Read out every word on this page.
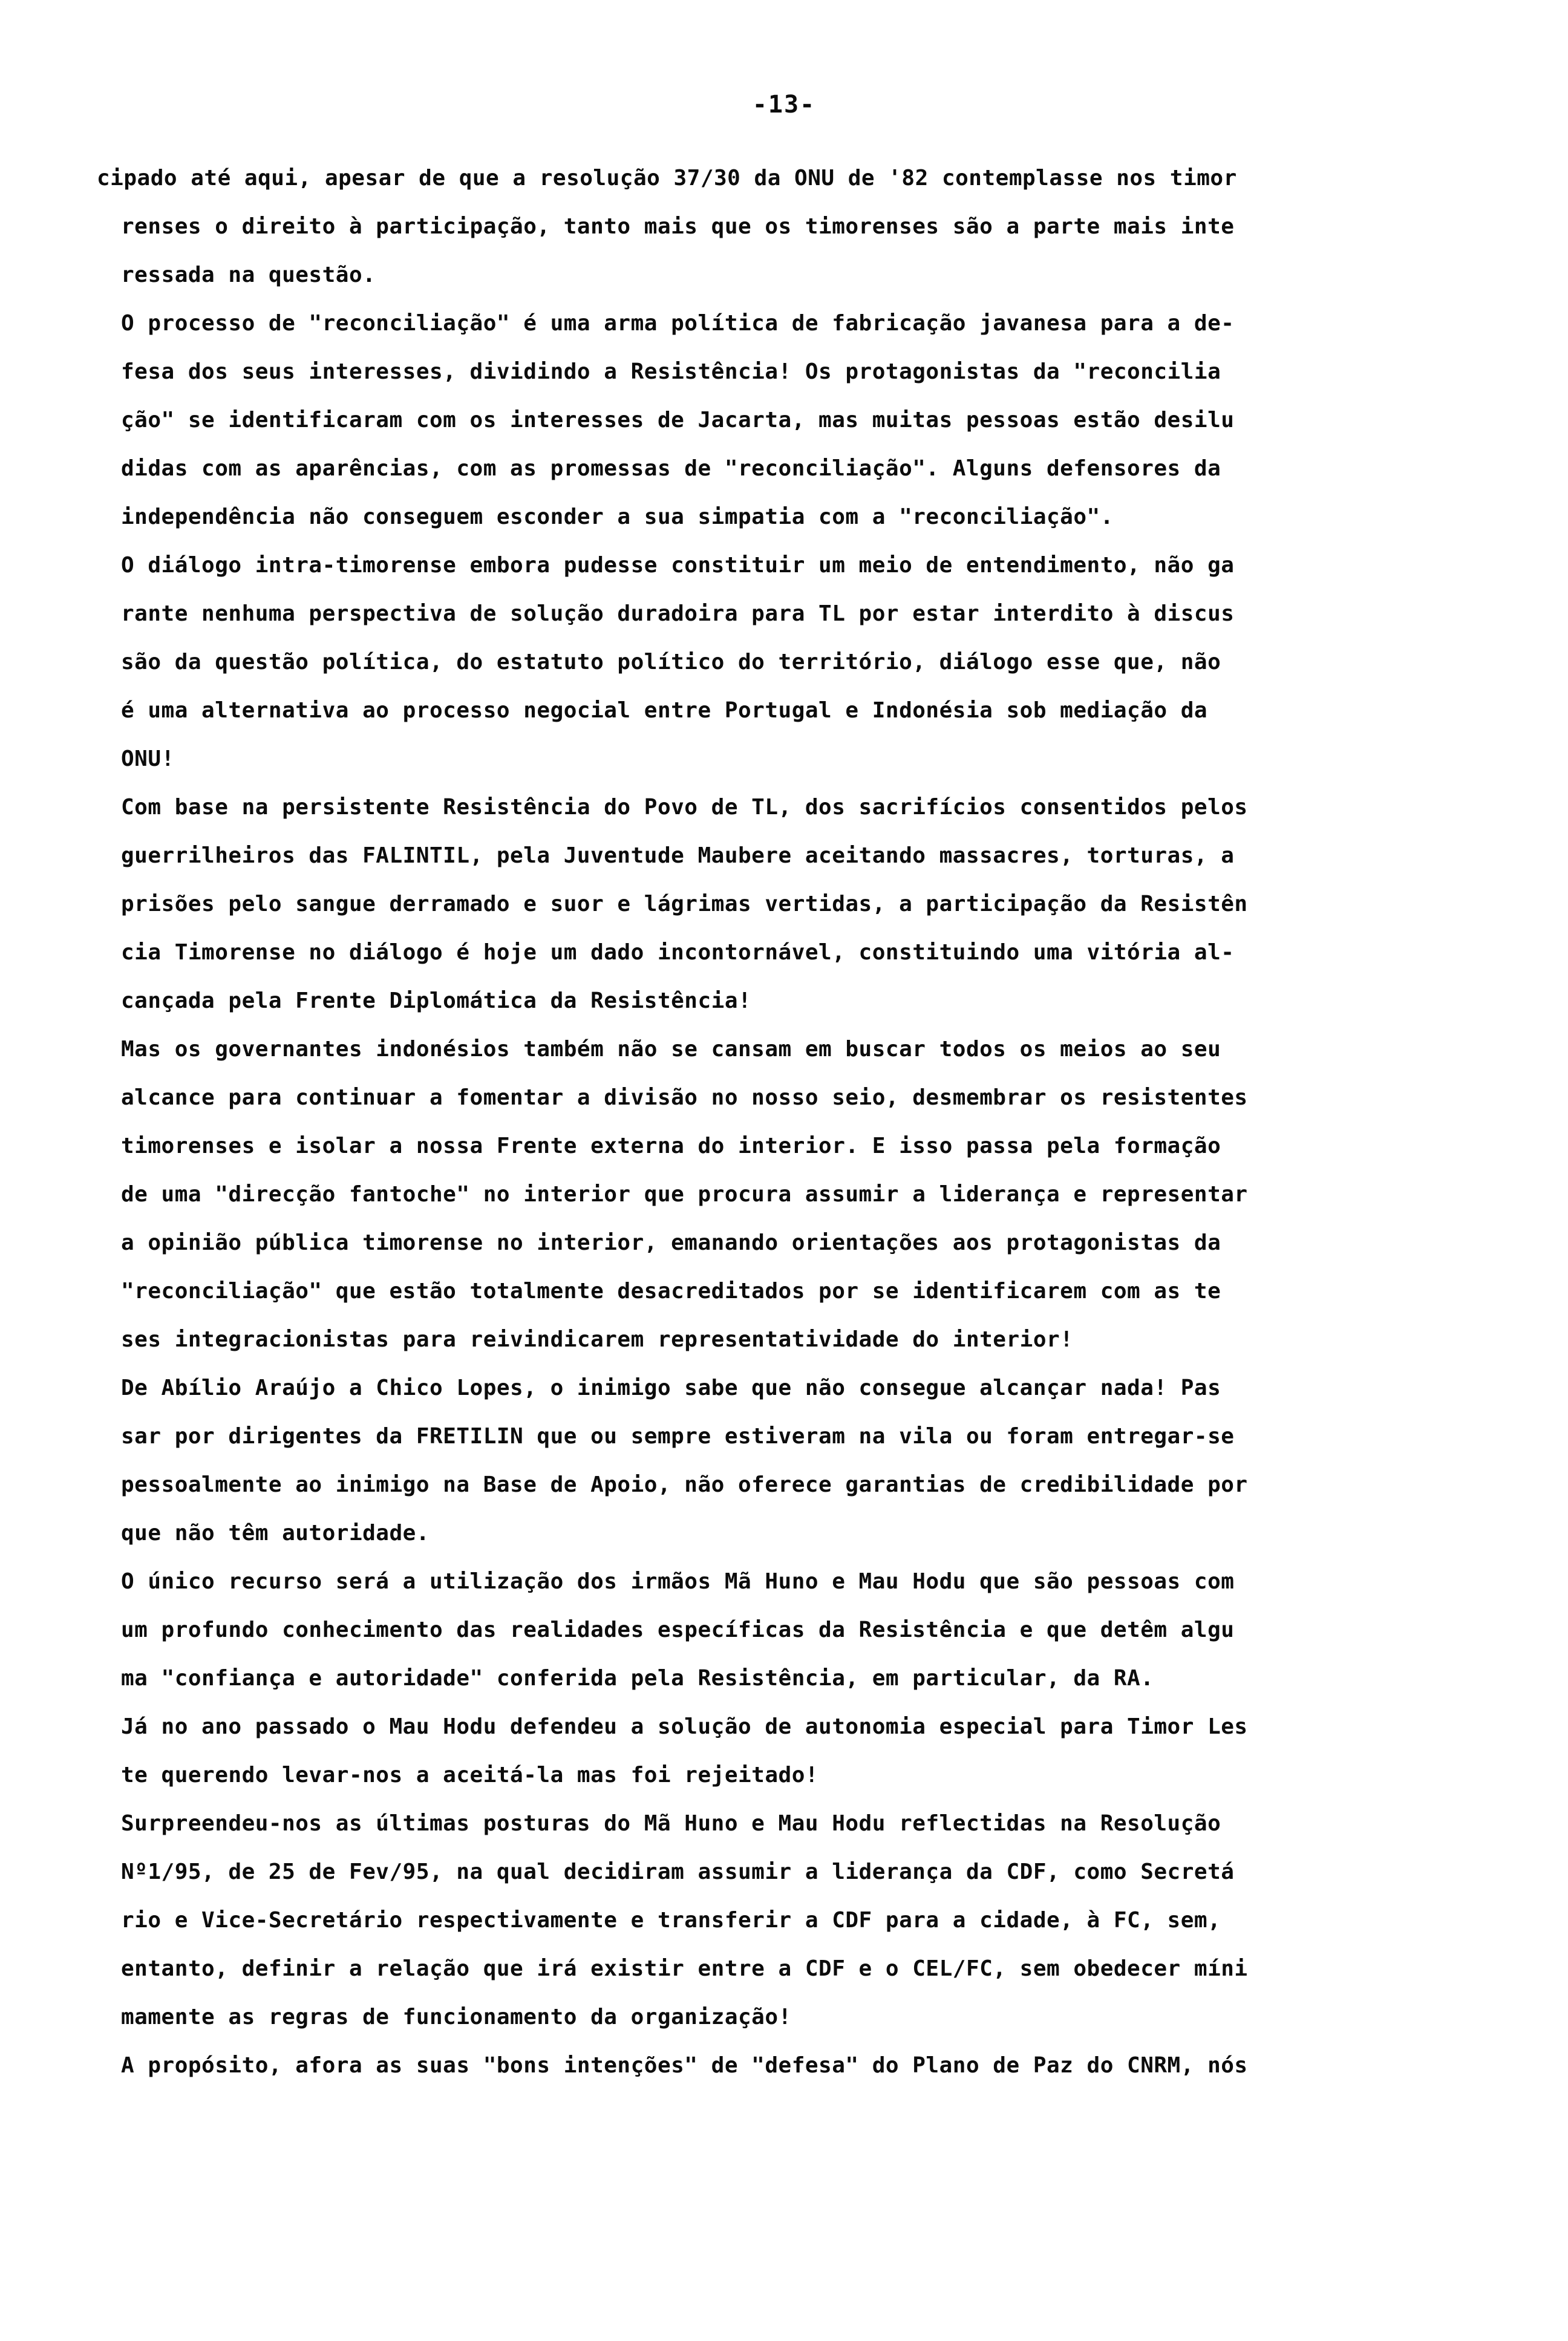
-13-
cipado até aqui, apesar de que a resolução 37/30 da ONU de '82 contemplasse nos timor
renses o direito à participação, tanto mais que os timorenses são a parte mais inte
ressada na questão.
O processo de "reconciliação" é uma arma política de fabricação javanesa para a de-
fesa dos seus interesses, dividindo a Resistência! Os protagonistas da "reconcilia
ção" se identificaram com os interesses de Jacarta, mas muitas pessoas estão desilu
didas com as aparências, com as promessas de "reconciliação". Alguns defensores da
independência não conseguem esconder a sua simpatia com a "reconciliação".
O diálogo intra-timorense embora pudesse constituir um meio de entendimento, não ga
rante nenhuma perspectiva de solução duradoira para TL por estar interdito à discus
são da questão política, do estatuto político do território, diálogo esse que, não
é uma alternativa ao processo negocial entre Portugal e Indonésia sob mediação da
ONU!
Com base na persistente Resistência do Povo de TL, dos sacrifícios consentidos pelos
guerrilheiros das FALINTIL, pela Juventude Maubere aceitando massacres, torturas, a
prisões pelo sangue derramado e suor e lágrimas vertidas, a participação da Resistên
cia Timorense no diálogo é hoje um dado incontornável, constituindo uma vitória al-
cançada pela Frente Diplomática da Resistência!
Mas os governantes indonésios também não se cansam em buscar todos os meios ao seu
alcance para continuar a fomentar a divisão no nosso seio, desmembrar os resistentes
timorenses e isolar a nossa Frente externa do interior. E isso passa pela formação
de uma "direcção fantoche" no interior que procura assumir a liderança e representar
a opinião pública timorense no interior, emanando orientações aos protagonistas da
"reconciliação" que estão totalmente desacreditados por se identificarem com as te
ses integracionistas para reivindicarem representatividade do interior!
De Abílio Araújo a Chico Lopes, o inimigo sabe que não consegue alcançar nada! Pas
sar por dirigentes da FRETILIN que ou sempre estiveram na vila ou foram entregar-se
pessoalmente ao inimigo na Base de Apoio, não oferece garantias de credibilidade por
que não têm autoridade.
O único recurso será a utilização dos irmãos Mã Huno e Mau Hodu que são pessoas com
um profundo conhecimento das realidades específicas da Resistência e que detêm algu
ma "confiança e autoridade" conferida pela Resistência, em particular, da RA.
Já no ano passado o Mau Hodu defendeu a solução de autonomia especial para Timor Les
te querendo levar-nos a aceitá-la mas foi rejeitado!
Surpreendeu-nos as últimas posturas do Mã Huno e Mau Hodu reflectidas na Resolução
Nº1/95, de 25 de Fev/95, na qual decidiram assumir a liderança da CDF, como Secretá
rio e Vice-Secretário respectivamente e transferir a CDF para a cidade, à FC, sem,
entanto, definir a relação que irá existir entre a CDF e o CEL/FC, sem obedecer míni
mamente as regras de funcionamento da organização!
A propósito, afora as suas "bons intenções" de "defesa" do Plano de Paz do CNRM, nós
